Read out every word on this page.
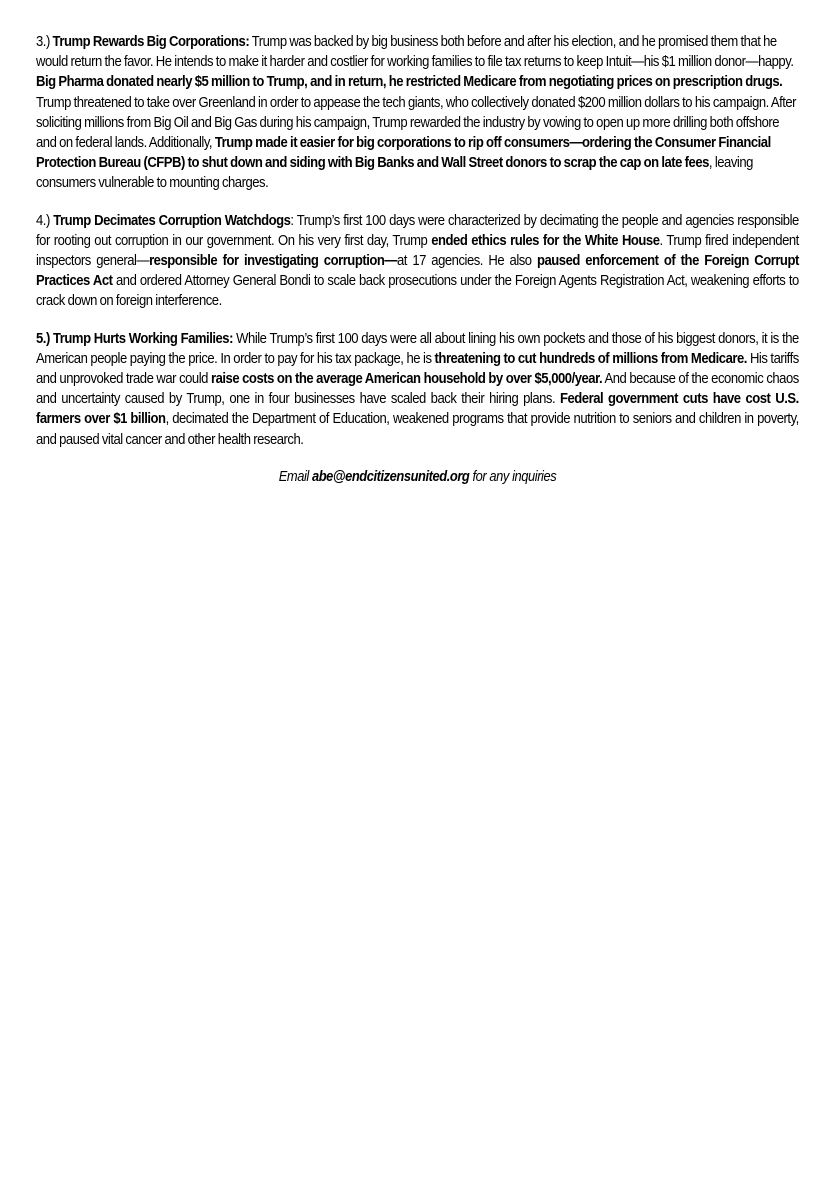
3.) Trump Rewards Big Corporations: Trump was backed by big business both before and after his election, and he promised them that he would return the favor. He intends to make it harder and costlier for working families to file tax returns to keep Intuit—his $1 million donor—happy. Big Pharma donated nearly $5 million to Trump, and in return, he restricted Medicare from negotiating prices on prescription drugs. Trump threatened to take over Greenland in order to appease the tech giants, who collectively donated $200 million dollars to his campaign. After soliciting millions from Big Oil and Big Gas during his campaign, Trump rewarded the industry by vowing to open up more drilling both offshore and on federal lands. Additionally, Trump made it easier for big corporations to rip off consumers—ordering the Consumer Financial Protection Bureau (CFPB) to shut down and siding with Big Banks and Wall Street donors to scrap the cap on late fees, leaving consumers vulnerable to mounting charges.

4.) Trump Decimates Corruption Watchdogs: Trump’s first 100 days were characterized by decimating the people and agencies responsible for rooting out corruption in our government. On his very first day, Trump ended ethics rules for the White House. Trump fired independent inspectors general—responsible for investigating corruption—at 17 agencies. He also paused enforcement of the Foreign Corrupt Practices Act and ordered Attorney General Bondi to scale back prosecutions under the Foreign Agents Registration Act, weakening efforts to crack down on foreign interference.

5.) Trump Hurts Working Families: While Trump’s first 100 days were all about lining his own pockets and those of his biggest donors, it is the American people paying the price. In order to pay for his tax package, he is threatening to cut hundreds of millions from Medicare. His tariffs and unprovoked trade war could raise costs on the average American household by over $5,000/year. And because of the economic chaos and uncertainty caused by Trump, one in four businesses have scaled back their hiring plans. Federal government cuts have cost U.S. farmers over $1 billion, decimated the Department of Education, weakened programs that provide nutrition to seniors and children in poverty, and paused vital cancer and other health research.

Email abe@endcitizensunited.org for any inquiries
